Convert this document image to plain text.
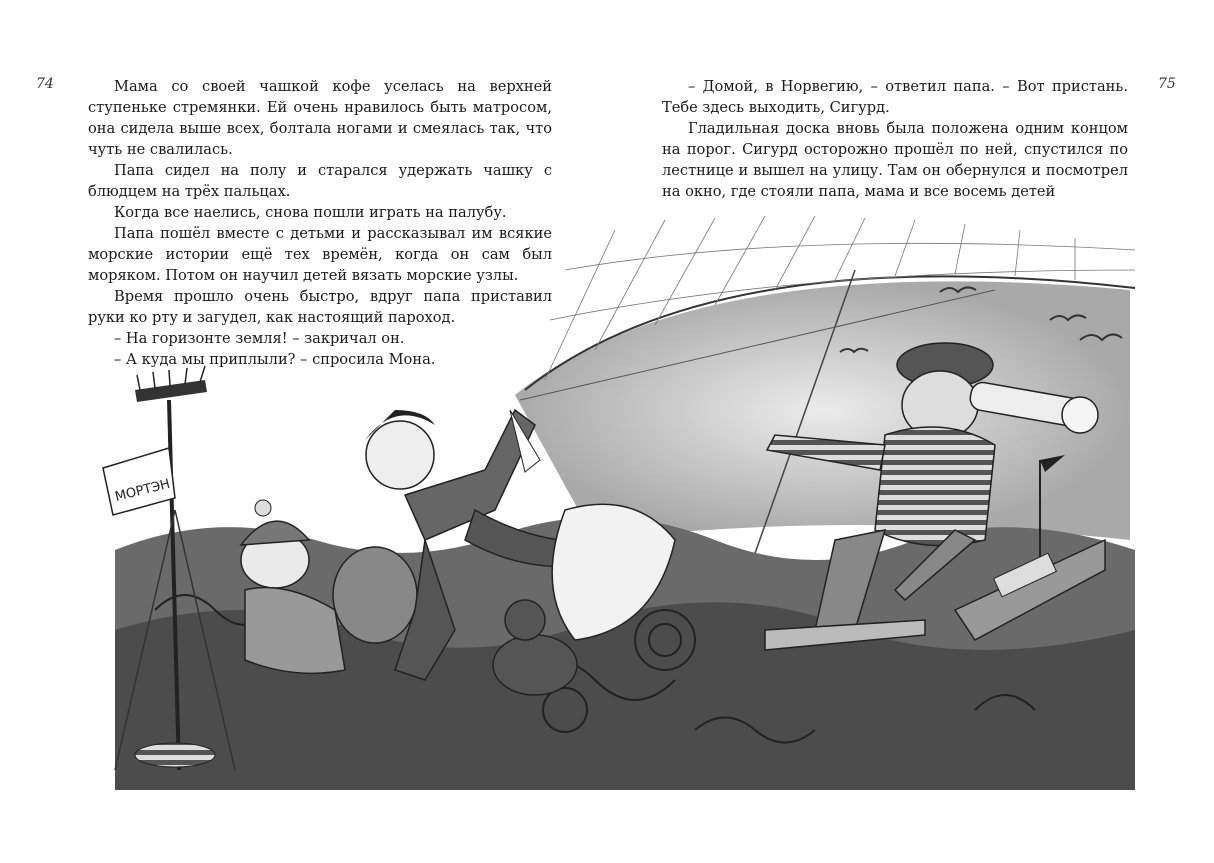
74	75

Мама со своей чашкой кофе уселась на верхней ступеньке стремянки. Ей очень нравилось быть матросом, она сидела выше всех, болтала ногами и смеялась так, что чуть не свалилась.

Папа сидел на полу и старался удержать чашку с блюдцем на трёх пальцах.

Когда все наелись, снова пошли играть на палубу.

Папа пошёл вместе с детьми и рассказывал им всякие морские истории ещё тех времён, когда он сам был моряком. Потом он научил детей вязать морские узлы.

Время прошло очень быстро, вдруг папа приставил руки ко рту и загудел, как настоящий пароход.

– На горизонте земля! – закричал он.

– А куда мы приплыли? – спросила Мона.

– Домой, в Норвегию, – ответил папа. – Вот пристань. Тебе здесь выходить, Сигурд.

Гладильная доска вновь была положена одним концом на порог. Сигурд осторожно прошёл по ней, спустился по лестнице и вышел на улицу. Там он обернулся и посмотрел на окно, где стояли папа, мама и все восемь детей

МОРТЭН
